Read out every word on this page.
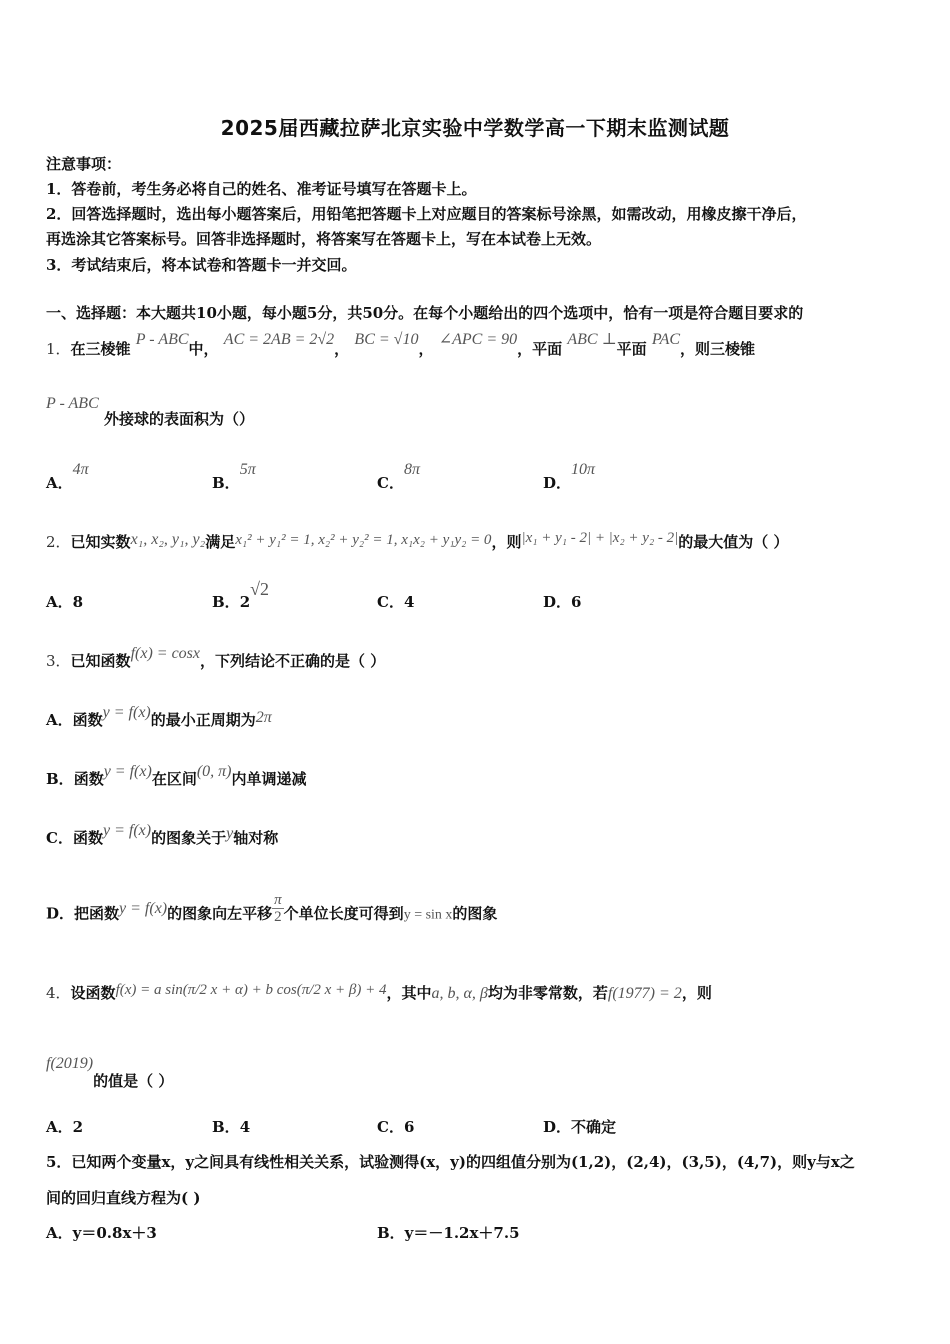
2025届西藏拉萨北京实验中学数学高一下期末监测试题
注意事项：
1．答卷前，考生务必将自己的姓名、准考证号填写在答题卡上。
2．回答选择题时，选出每小题答案后，用铅笔把答题卡上对应题目的答案标号涂黑，如需改动，用橡皮擦干净后，
再选涂其它答案标号。回答非选择题时，将答案写在答题卡上，写在本试卷上无效。
3．考试结束后，将本试卷和答题卡一并交回。
一、选择题：本大题共10小题，每小题5分，共50分。在每个小题给出的四个选项中，恰有一项是符合题目要求的
1．在三棱锥 P - ABC中， AC = 2AB = 2√2， BC = √10， ∠APC = 90，平面 ABC ⊥平面 PAC，则三棱锥
P - ABC 外接球的表面积为（）
A．4π
B．5π
C．8π
D．10π
2．已知实数x₁, x₂, y₁, y₂满足x₁² + y₁² = 1, x₂² + y₂² = 1, x₁x₂ + y₁y₂ = 0，则|x₁ + y₁ - 2| + |x₂ + y₂ - 2|的最大值为（ ）
A．8	B．2√2
C．4	D．6
3．已知函数f(x) = cosx，下列结论不正确的是（ ）
A．函数y = f(x)的最小正周期为2π
B．函数y = f(x)在区间(0, π)内单调递减
C．函数y = f(x)的图象关于y轴对称
D．把函数y = f(x)的图象向左平移 $\frac{\pi}{2}$ 个单位长度可得到y = sin x的图象
4．设函数f(x) = a sin(π/2 x + α) + b cos(π/2 x + β) + 4，其中a, b, α, β均为非零常数，若f(1977) = 2，则
f(2019)的值是（ ）
A．2	B．4	C．6	D．不确定
5．已知两个变量x，y之间具有线性相关关系，试验测得(x，y)的四组值分别为(1,2)，(2,4)，(3,5)，(4,7)，则y与x之
间的回归直线方程为( )
A．y＝0.8x＋3	B．y＝－1.2x＋7.5
